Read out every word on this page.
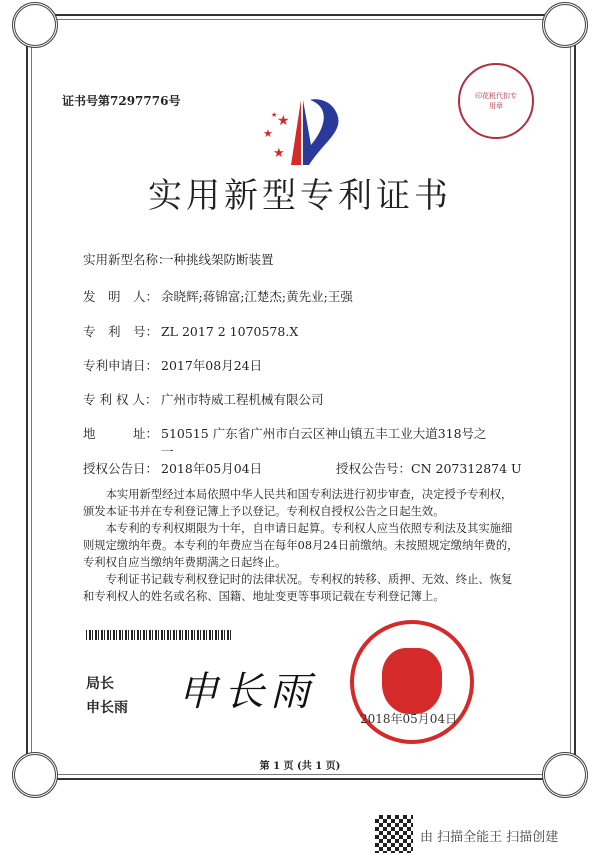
证书号第7297776号
★
★
★
★
印花税代扣专用章
实用新型专利证书
实用新型名称：一种挑线架防断装置
发　明　人： 余晓辉;蒋锦富;江楚杰;黄先业;王强
专　利　号： ZL 2017 2 1070578.X
专利申请日： 2017年08月24日
专 利 权 人： 广州市特威工程机械有限公司
地　　　址： 510515 广东省广州市白云区神山镇五丰工业大道318号之
一
授权公告日： 2018年05月04日	授权公告号：CN 207312874 U

本实用新型经过本局依照中华人民共和国专利法进行初步审查，决定授予专利权，颁发本证书并在专利登记簿上予以登记。专利权自授权公告之日起生效。

本专利的专利权期限为十年，自申请日起算。专利权人应当依照专利法及其实施细则规定缴纳年费。本专利的年费应当在每年08月24日前缴纳。未按照规定缴纳年费的，专利权自应当缴纳年费期满之日起终止。

专利证书记载专利权登记时的法律状况。专利权的转移、质押、无效、终止、恢复和专利权人的姓名或名称、国籍、地址变更等事项记载在专利登记簿上。

局长
申长雨 申长雨
2018年05月04日
第 1 页 (共 1 页)
由 扫描全能王 扫描创建
